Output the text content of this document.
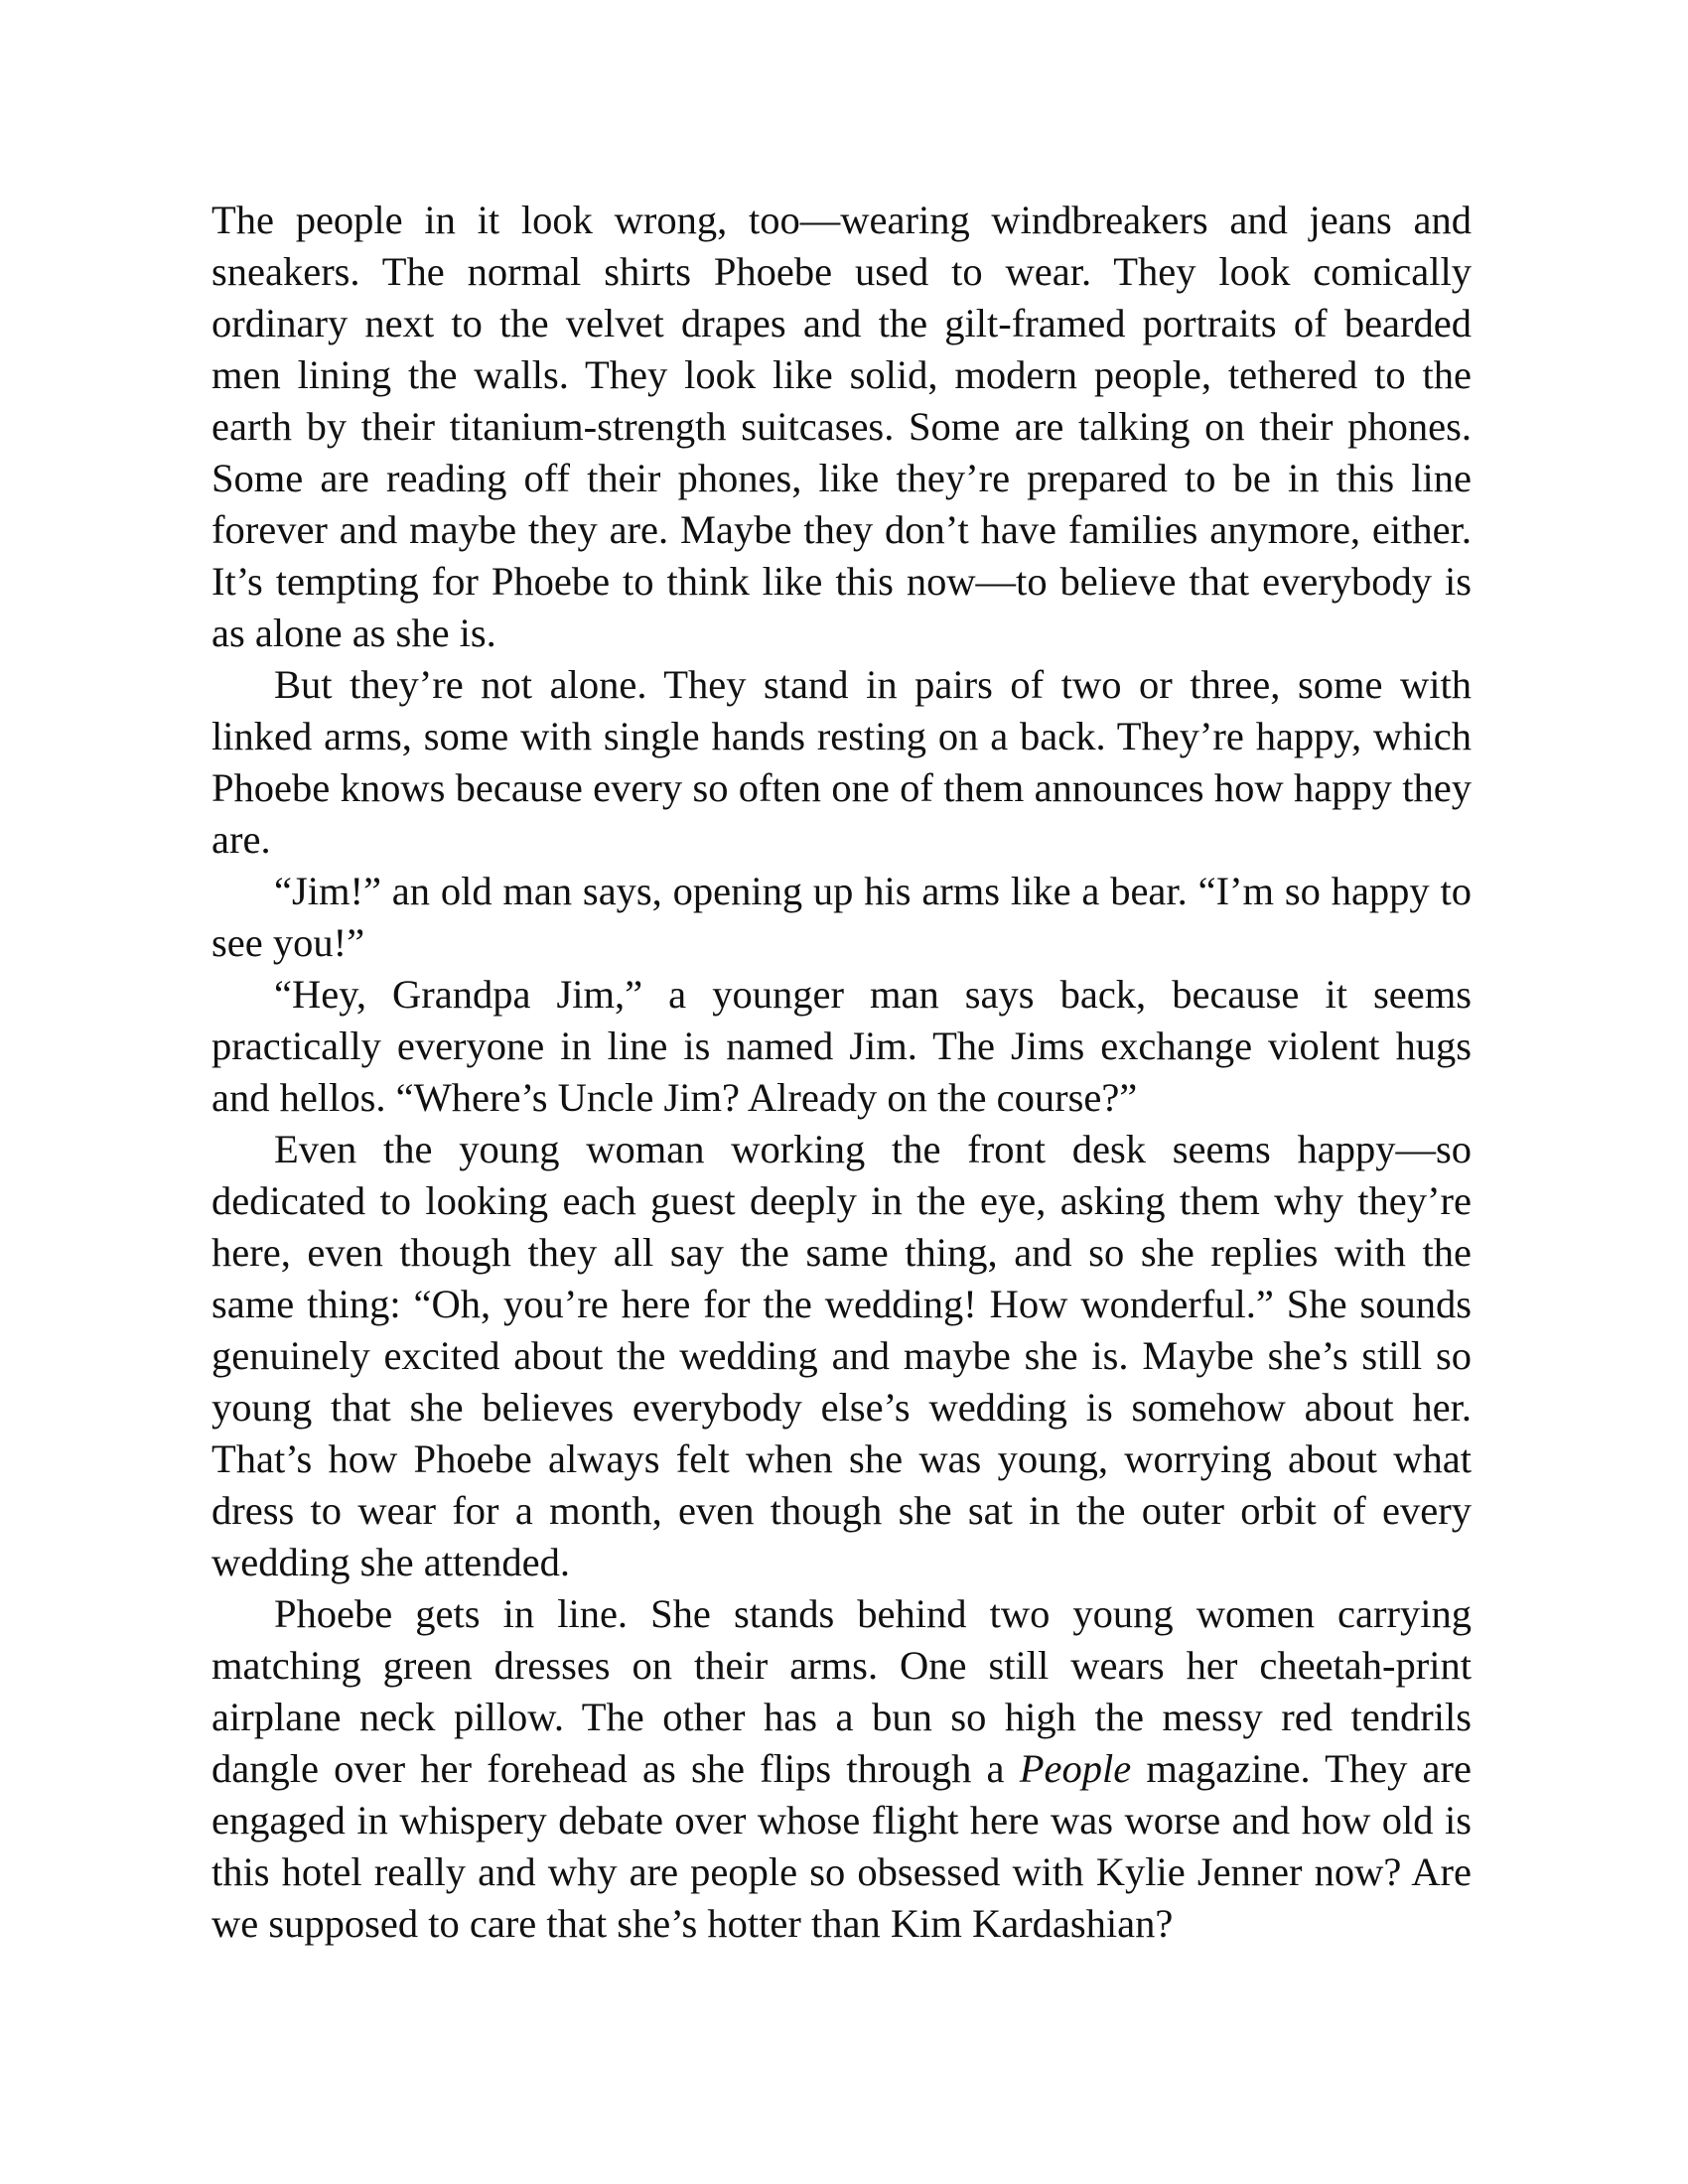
The people in it look wrong, too—wearing windbreakers and jeans and sneakers. The normal shirts Phoebe used to wear. They look comically ordinary next to the velvet drapes and the gilt-framed portraits of bearded men lining the walls. They look like solid, modern people, tethered to the earth by their titanium-strength suitcases. Some are talking on their phones. Some are reading off their phones, like they’re prepared to be in this line forever and maybe they are. Maybe they don’t have families anymore, either. It’s tempting for Phoebe to think like this now—to believe that everybody is as alone as she is.

But they’re not alone. They stand in pairs of two or three, some with linked arms, some with single hands resting on a back. They’re happy, which Phoebe knows because every so often one of them announces how happy they are.

“Jim!” an old man says, opening up his arms like a bear. “I’m so happy to see you!”

“Hey, Grandpa Jim,” a younger man says back, because it seems practically everyone in line is named Jim. The Jims exchange violent hugs and hellos. “Where’s Uncle Jim? Already on the course?”

Even the young woman working the front desk seems happy—so dedicated to looking each guest deeply in the eye, asking them why they’re here, even though they all say the same thing, and so she replies with the same thing: “Oh, you’re here for the wedding! How wonderful.” She sounds genuinely excited about the wedding and maybe she is. Maybe she’s still so young that she believes everybody else’s wedding is somehow about her. That’s how Phoebe always felt when she was young, worrying about what dress to wear for a month, even though she sat in the outer orbit of every wedding she attended.

Phoebe gets in line. She stands behind two young women carrying matching green dresses on their arms. One still wears her cheetah-print airplane neck pillow. The other has a bun so high the messy red tendrils dangle over her forehead as she flips through a People magazine. They are engaged in whispery debate over whose flight here was worse and how old is this hotel really and why are people so obsessed with Kylie Jenner now? Are we supposed to care that she’s hotter than Kim Kardashian?
